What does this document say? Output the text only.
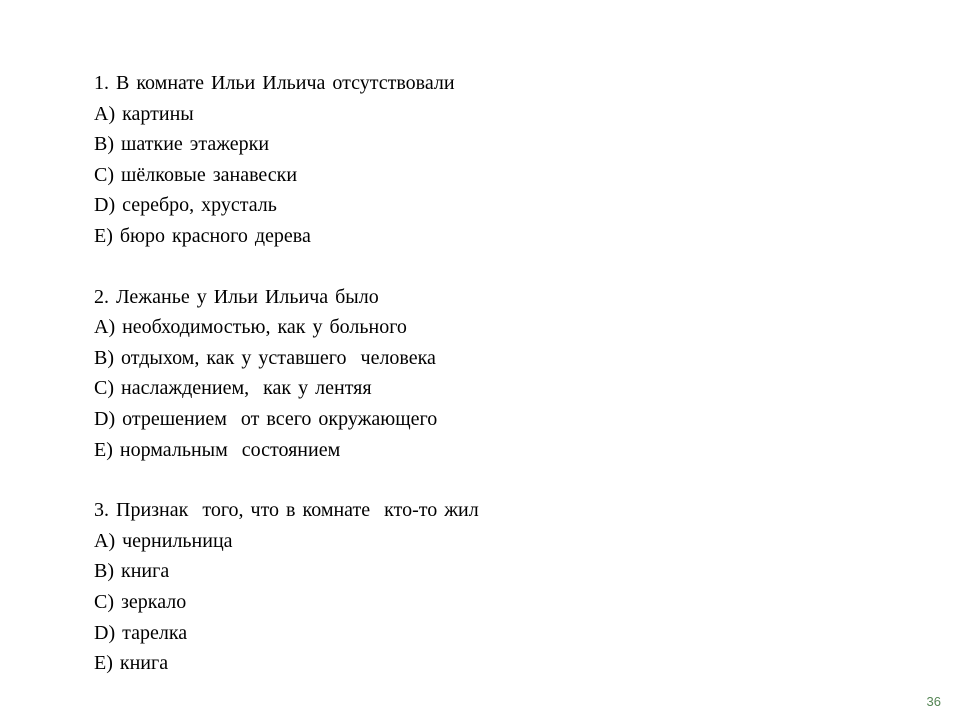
1. В комнате Ильи Ильича отсутствовали
А) картины
В) шаткие этажерки
С) шёлковые занавески
D) серебро, хрусталь
Е) бюро красного дерева
2. Лежанье у Ильи Ильича было
А) необходимостью, как у больного
В) отдыхом, как у уставшего  человека
С) наслаждением,  как у лентяя
D) отрешением  от всего окружающего
Е) нормальным  состоянием
3. Признак  того, что в комнате  кто-то жил
А) чернильница
В) книга
С) зеркало
D) тарелка
Е) книга
36
